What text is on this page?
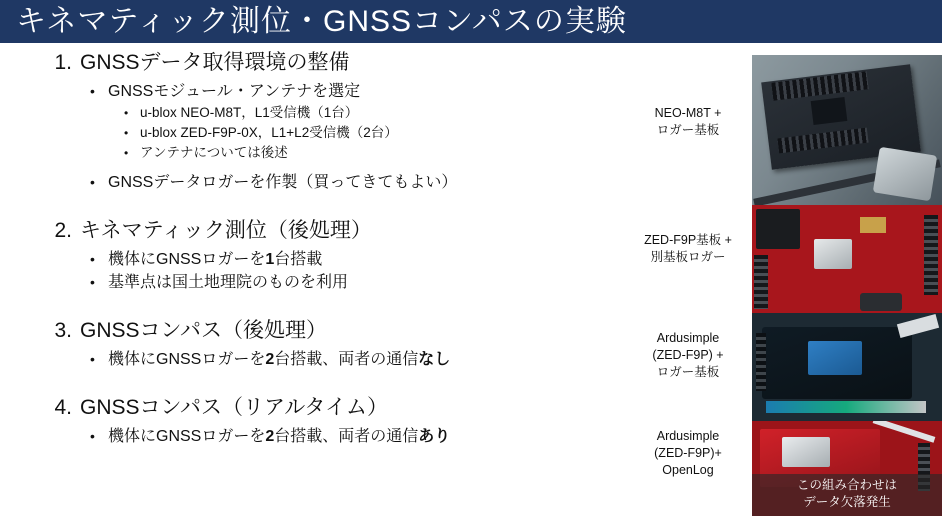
キネマティック測位・GNSSコンパスの実験
1. GNSSデータ取得環境の整備
• GNSSモジュール・アンテナを選定
• u-blox NEO-M8T，L1受信機（1台）
• u-blox ZED-F9P-0X，L1+L2受信機（2台）
• アンテナについては後述
• GNSSデータロガーを作製（買ってきてもよい）
2. キネマティック測位（後処理）
• 機体にGNSSロガーを1台搭載
• 基準点は国土地理院のものを利用
3. GNSSコンパス（後処理）
• 機体にGNSSロガーを2台搭載、両者の通信なし
4. GNSSコンパス（リアルタイム）
• 機体にGNSSロガーを2台搭載、両者の通信あり
NEO-M8T +
ロガー基板
ZED-F9P基板 +
別基板ロガー
Ardusimple
(ZED-F9P) +
ロガー基板
Ardusimple
(ZED-F9P)+
OpenLog
この組み合わせは
データ欠落発生
